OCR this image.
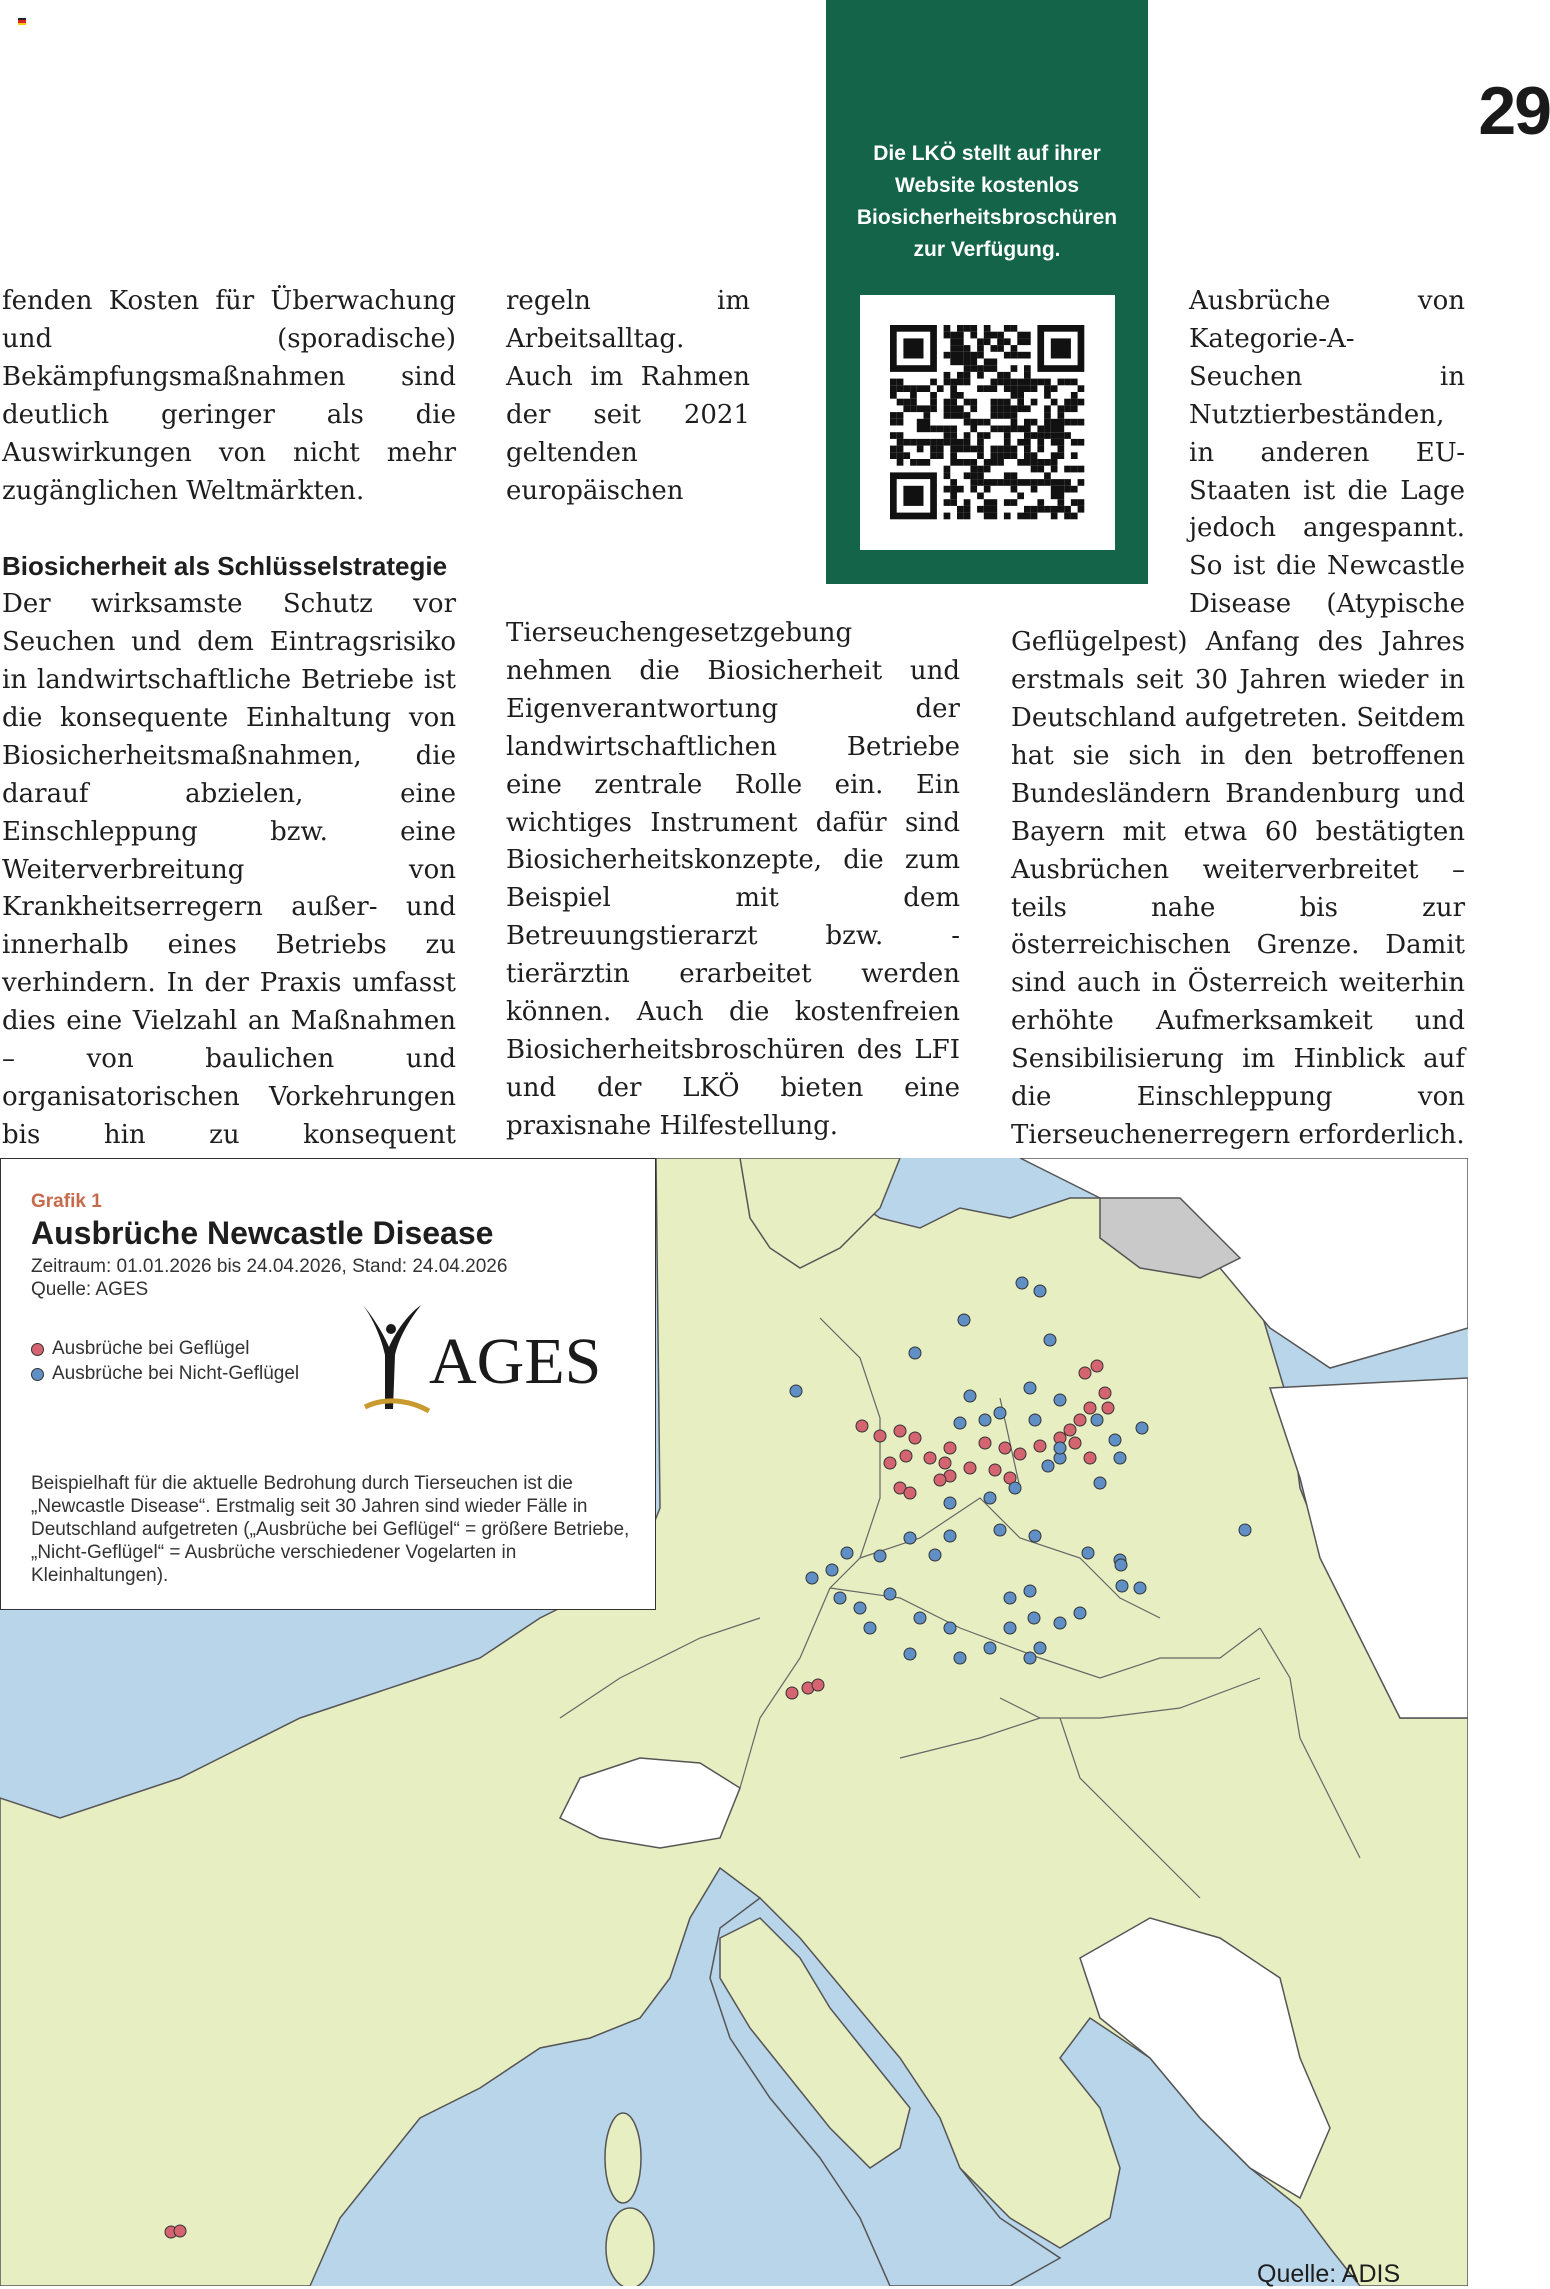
29
Die LKÖ stellt auf ihrer Website kostenlos Biosicherheitsbroschüren zur Verfügung.

fenden Kosten für Überwachung und (sporadische) Bekämpfungsmaßnahmen sind deutlich geringer als die Auswirkungen von nicht mehr zugänglichen Weltmärkten.

Biosicherheit als Schlüsselstrategie

Der wirksamste Schutz vor Seuchen und dem Eintragsrisiko in landwirtschaftliche Betriebe ist die konsequente Einhaltung von Biosicherheitsmaßnahmen, die darauf abzielen, eine Einschleppung bzw. eine Weiterverbreitung von Krankheitserregern außer- und innerhalb eines Betriebs zu verhindern. In der Praxis umfasst dies eine Vielzahl an Maßnahmen – von baulichen und organisatorischen Vorkehrungen bis hin zu konsequent

regeln im Arbeitsalltag. Auch im Rahmen der seit 2021 geltenden europäischen Tierseuchengesetzgebung nehmen die Biosicherheit und Eigenverantwortung der landwirtschaftlichen Betriebe eine zentrale Rolle ein. Ein wichtiges Instrument dafür sind Biosicherheitskonzepte, die zum Beispiel mit dem Betreuungstierarzt bzw. -tierärztin erarbeitet werden können. Auch die kostenfreien Biosicherheitsbroschüren des LFI und der LKÖ bieten eine praxisnahe Hilfestellung.

Ausbrüche von Kategorie-A-Seuchen in Nutztierbeständen, in anderen EU-Staaten ist die Lage jedoch angespannt. So ist die Newcastle Disease (Atypische Geflügelpest) Anfang des Jahres erstmals seit 30 Jahren wieder in Deutschland aufgetreten. Seitdem hat sie sich in den betroffenen Bundesländern Brandenburg und Bayern mit etwa 60 bestätigten Ausbrüchen weiterverbreitet – teils nahe bis zur österreichischen Grenze. Damit sind auch in Österreich weiterhin erhöhte Aufmerksamkeit und Sensibilisierung im Hinblick auf die Einschleppung von Tierseuchenerregern erforderlich.

Grafik 1
Ausbrüche Newcastle Disease
Zeitraum: 01.01.2026 bis 24.04.2026, Stand: 24.04.2026
Quelle: AGES
Ausbrüche bei Geflügel
Ausbrüche bei Nicht-Geflügel AGES
Beispielhaft für die aktuelle Bedrohung durch Tierseuchen ist die „Newcastle Disease“. Erstmalig seit 30 Jahren sind wieder Fälle in Deutschland aufgetreten („Ausbrüche bei Geflügel“ = größere Betriebe, „Nicht-Geflügel“ = Ausbrüche verschiedener Vogelarten in Kleinhaltungen).
Quelle: ADIS
